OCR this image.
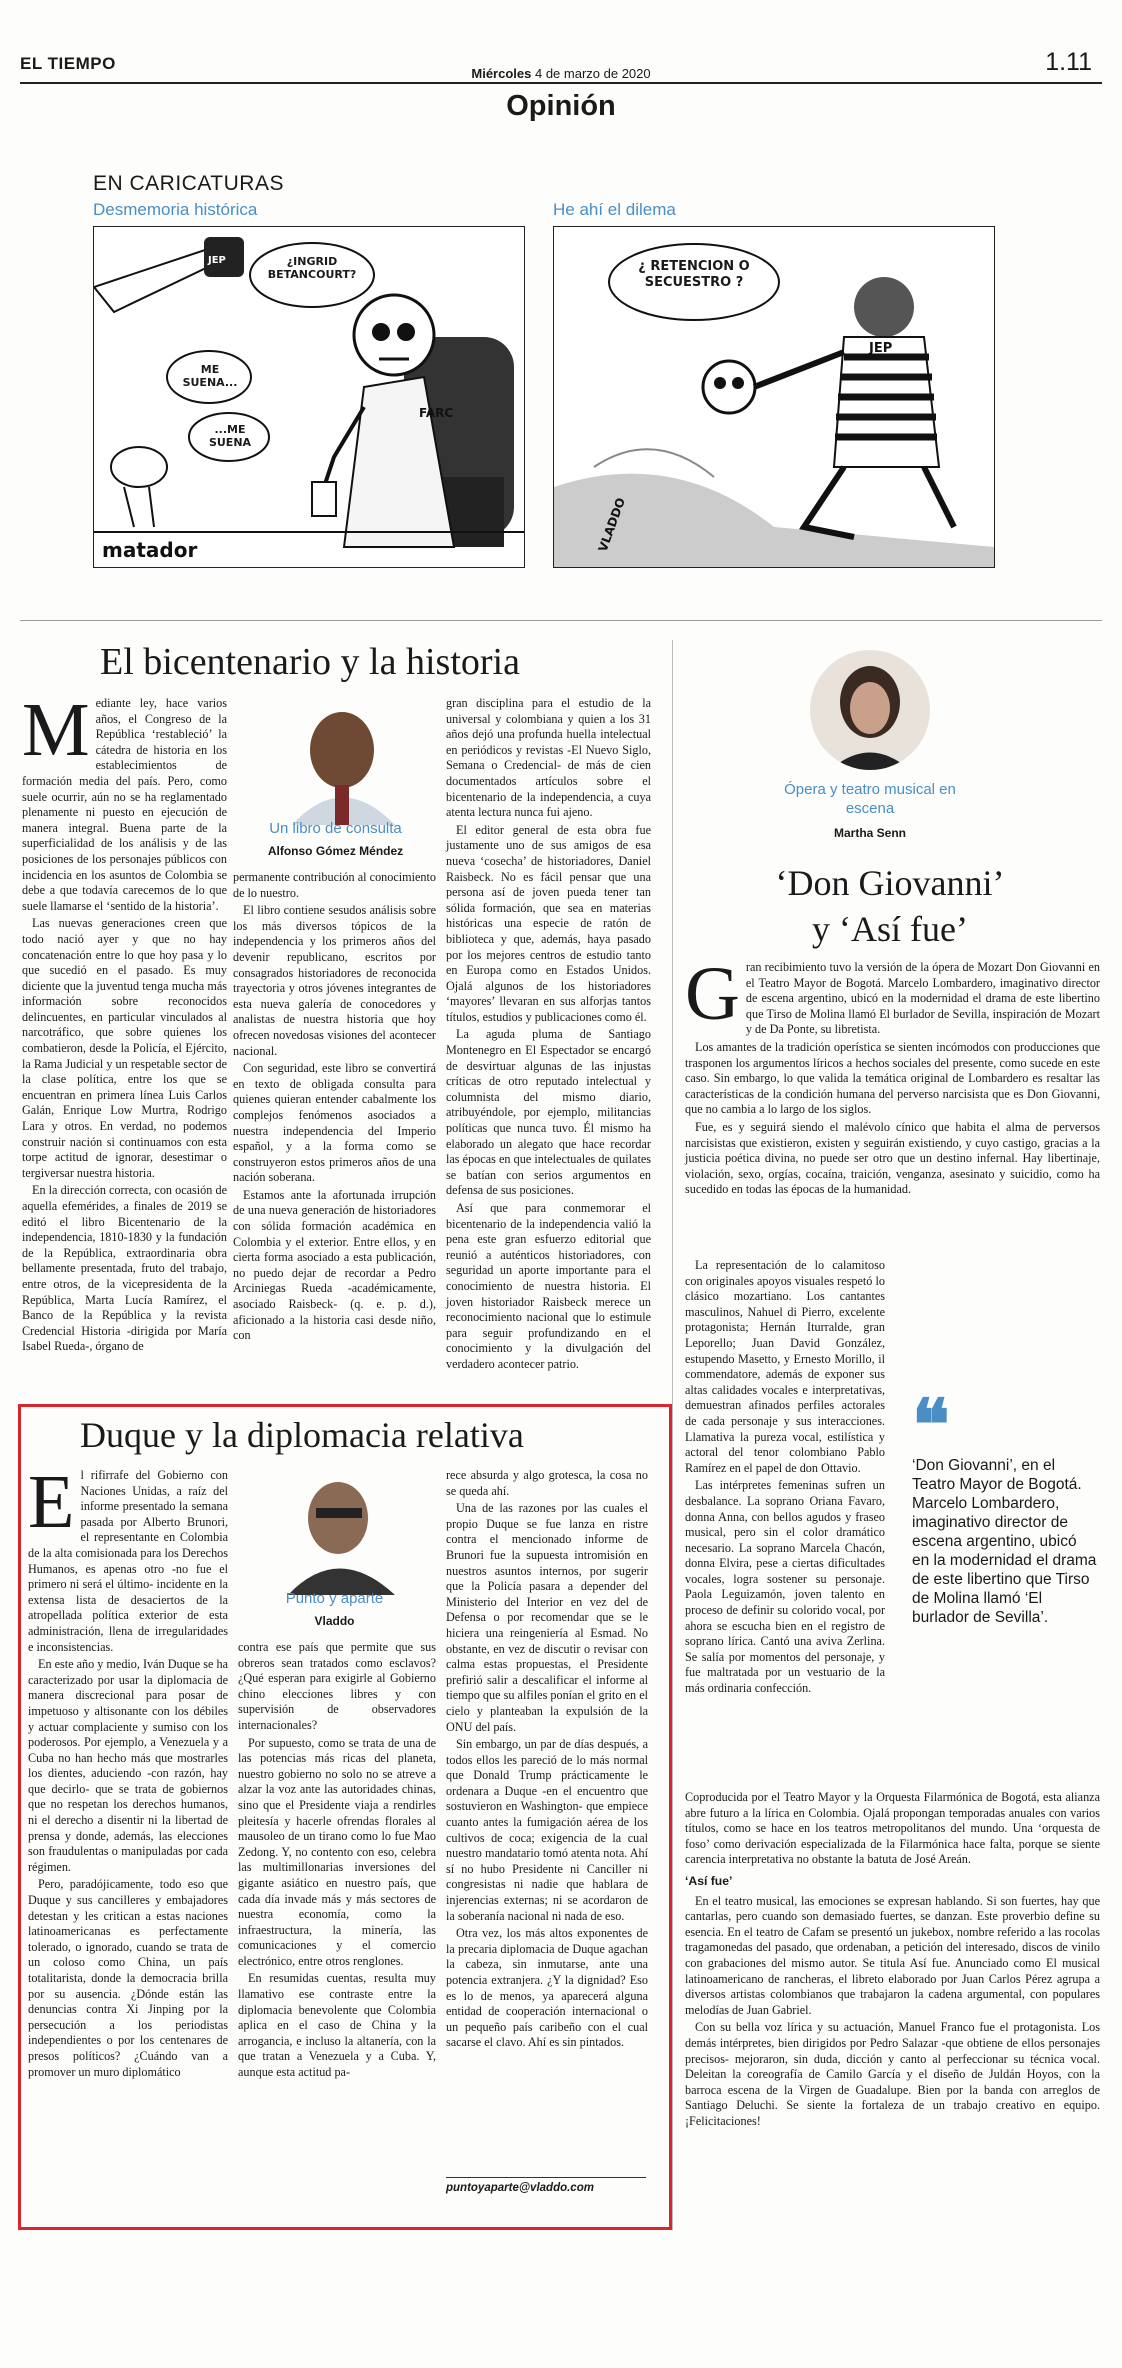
EL TIEMPO
Miércoles 4 de marzo de 2020	1.11
Opinión
EN CARICATURAS
Desmemoria histórica	He ahí el dilema
FARC
JEP	¿INGRID BETANCOURT?
ME SUENA...
...ME SUENA
matador
¿ RETENCIÓN O SECUESTRO ?
JEP
VLADDO
El bicentenario y la historia

Mediante ley, hace varios años, el Congreso de la República ‘restableció’ la cátedra de historia en los establecimientos de formación media del país. Pero, como suele ocurrir, aún no se ha reglamentado plenamente ni puesto en ejecución de manera integral. Buena parte de la superficialidad de los análisis y de las posiciones de los personajes públicos con incidencia en los asuntos de Colombia se debe a que todavía carecemos de lo que suele llamarse el ‘sentido de la historia’.

Las nuevas generaciones creen que todo nació ayer y que no hay concatenación entre lo que hoy pasa y lo que sucedió en el pasado. Es muy diciente que la juventud tenga mucha más información sobre reconocidos delincuentes, en particular vinculados al narcotráfico, que sobre quienes los combatieron, desde la Policía, el Ejército, la Rama Judicial y un respetable sector de la clase política, entre los que se encuentran en primera línea Luis Carlos Galán, Enrique Low Murtra, Rodrigo Lara y otros. En verdad, no podemos construir nación si continuamos con esta torpe actitud de ignorar, desestimar o tergiversar nuestra historia.

En la dirección correcta, con ocasión de aquella efemérides, a finales de 2019 se editó el libro Bicentenario de la independencia, 1810-1830 y la fundación de la República, extraordinaria obra bellamente presentada, fruto del trabajo, entre otros, de la vicepresidenta de la República, Marta Lucía Ramírez, el Banco de la República y la revista Credencial Historia -dirigida por María Isabel Rueda-, órgano de

Un libro de consulta
Alfonso Gómez Méndez

permanente contribución al conocimiento de lo nuestro.

El libro contiene sesudos análisis sobre los más diversos tópicos de la independencia y los primeros años del devenir republicano, escritos por consagrados historiadores de reconocida trayectoria y otros jóvenes integrantes de esta nueva galería de conocedores y analistas de nuestra historia que hoy ofrecen novedosas visiones del acontecer nacional.

Con seguridad, este libro se convertirá en texto de obligada consulta para quienes quieran entender cabalmente los complejos fenómenos asociados a nuestra independencia del Imperio español, y a la forma como se construyeron estos primeros años de una nación soberana.

Estamos ante la afortunada irrupción de una nueva generación de historiadores con sólida formación académica en Colombia y el exterior. Entre ellos, y en cierta forma asociado a esta publicación, no puedo dejar de recordar a Pedro Arciniegas Rueda -académicamente, asociado Raisbeck- (q. e. p. d.), aficionado a la historia casi desde niño, con

gran disciplina para el estudio de la universal y colombiana y quien a los 31 años dejó una profunda huella intelectual en periódicos y revistas -El Nuevo Siglo, Semana o Credencial- de más de cien documentados artículos sobre el bicentenario de la independencia, a cuya atenta lectura nunca fui ajeno.

El editor general de esta obra fue justamente uno de sus amigos de esa nueva ‘cosecha’ de historiadores, Daniel Raisbeck. No es fácil pensar que una persona así de joven pueda tener tan sólida formación, que sea en materias históricas una especie de ratón de biblioteca y que, además, haya pasado por los mejores centros de estudio tanto en Europa como en Estados Unidos. Ojalá algunos de los historiadores ‘mayores’ llevaran en sus alforjas tantos títulos, estudios y publicaciones como él.

La aguda pluma de Santiago Montenegro en El Espectador se encargó de desvirtuar algunas de las injustas críticas de otro reputado intelectual y columnista del mismo diario, atribuyéndole, por ejemplo, militancias políticas que nunca tuvo. Él mismo ha elaborado un alegato que hace recordar las épocas en que intelectuales de quilates se batían con serios argumentos en defensa de sus posiciones.

Así que para conmemorar el bicentenario de la independencia valió la pena este gran esfuerzo editorial que reunió a auténticos historiadores, con seguridad un aporte importante para el conocimiento de nuestra historia. El joven historiador Raisbeck merece un reconocimiento nacional que lo estimule para seguir profundizando en el conocimiento y la divulgación del verdadero acontecer patrio.

Duque y la diplomacia relativa

El rifirrafe del Gobierno con Naciones Unidas, a raíz del informe presentado la semana pasada por Alberto Brunori, el representante en Colombia de la alta comisionada para los Derechos Humanos, es apenas otro -no fue el primero ni será el último- incidente en la extensa lista de desaciertos de la atropellada política exterior de esta administración, llena de irregularidades e inconsistencias.

En este año y medio, Iván Duque se ha caracterizado por usar la diplomacia de manera discrecional para posar de impetuoso y altisonante con los débiles y actuar complaciente y sumiso con los poderosos. Por ejemplo, a Venezuela y a Cuba no han hecho más que mostrarles los dientes, aduciendo -con razón, hay que decirlo- que se trata de gobiernos que no respetan los derechos humanos, ni el derecho a disentir ni la libertad de prensa y donde, además, las elecciones son fraudulentas o manipuladas por cada régimen.

Pero, paradójicamente, todo eso que Duque y sus cancilleres y embajadores detestan y les critican a estas naciones latinoamericanas es perfectamente tolerado, o ignorado, cuando se trata de un coloso como China, un país totalitarista, donde la democracia brilla por su ausencia. ¿Dónde están las denuncias contra Xi Jinping por la persecución a los periodistas independientes o por los centenares de presos políticos? ¿Cuándo van a promover un muro diplomático

Punto y aparte
Vladdo

contra ese país que permite que sus obreros sean tratados como esclavos? ¿Qué esperan para exigirle al Gobierno chino elecciones libres y con supervisión de observadores internacionales?

Por supuesto, como se trata de una de las potencias más ricas del planeta, nuestro gobierno no solo no se atreve a alzar la voz ante las autoridades chinas, sino que el Presidente viaja a rendirles pleitesía y hacerle ofrendas florales al mausoleo de un tirano como lo fue Mao Zedong. Y, no contento con eso, celebra las multimillonarias inversiones del gigante asiático en nuestro país, que cada día invade más y más sectores de nuestra economía, como la infraestructura, la minería, las comunicaciones y el comercio electrónico, entre otros renglones.

En resumidas cuentas, resulta muy llamativo ese contraste entre la diplomacia benevolente que Colombia aplica en el caso de China y la arrogancia, e incluso la altanería, con la que tratan a Venezuela y a Cuba. Y, aunque esta actitud pa-

rece absurda y algo grotesca, la cosa no se queda ahí.

Una de las razones por las cuales el propio Duque se fue lanza en ristre contra el mencionado informe de Brunori fue la supuesta intromisión en nuestros asuntos internos, por sugerir que la Policía pasara a depender del Ministerio del Interior en vez del de Defensa o por recomendar que se le hiciera una reingeniería al Esmad. No obstante, en vez de discutir o revisar con calma estas propuestas, el Presidente prefirió salir a descalificar el informe al tiempo que su alfiles ponían el grito en el cielo y planteaban la expulsión de la ONU del país.

Sin embargo, un par de días después, a todos ellos les pareció de lo más normal que Donald Trump prácticamente le ordenara a Duque -en el encuentro que sostuvieron en Washington- que empiece cuanto antes la fumigación aérea de los cultivos de coca; exigencia de la cual nuestro mandatario tomó atenta nota. Ahí sí no hubo Presidente ni Canciller ni congresistas ni nadie que hablara de injerencias externas; ni se acordaron de la soberanía nacional ni nada de eso.

Otra vez, los más altos exponentes de la precaria diplomacia de Duque agachan la cabeza, sin inmutarse, ante una potencia extranjera. ¿Y la dignidad? Eso es lo de menos, ya aparecerá alguna entidad de cooperación internacional o un pequeño país caribeño con el cual sacarse el clavo. Ahí es sin pintados.

puntoyaparte@vladdo.com
Ópera y teatro musical en escena
Martha Senn
‘Don Giovanni’
y ‘Así fue’

Gran recibimiento tuvo la versión de la ópera de Mozart Don Giovanni en el Teatro Mayor de Bogotá. Marcelo Lombardero, imaginativo director de escena argentino, ubicó en la modernidad el drama de este libertino que Tirso de Molina llamó El burlador de Sevilla, inspiración de Mozart y de Da Ponte, su libretista.

Los amantes de la tradición operística se sienten incómodos con producciones que trasponen los argumentos líricos a hechos sociales del presente, como sucede en este caso. Sin embargo, lo que valida la temática original de Lombardero es resaltar las características de la condición humana del perverso narcisista que es Don Giovanni, que no cambia a lo largo de los siglos.

Fue, es y seguirá siendo el malévolo cínico que habita el alma de perversos narcisistas que existieron, existen y seguirán existiendo, y cuyo castigo, gracias a la justicia poética divina, no puede ser otro que un destino infernal. Hay libertinaje, violación, sexo, orgías, cocaína, traición, venganza, asesinato y suicidio, como ha sucedido en todas las épocas de la humanidad.

La representación de lo calamitoso con originales apoyos visuales respetó lo clásico mozartiano. Los cantantes masculinos, Nahuel di Pierro, excelente protagonista; Hernán Iturralde, gran Leporello; Juan David González, estupendo Masetto, y Ernesto Morillo, il commendatore, además de exponer sus altas calidades vocales e interpretativas, demuestran afinados perfiles actorales de cada personaje y sus interacciones. Llamativa la pureza vocal, estilística y actoral del tenor colombiano Pablo Ramírez en el papel de don Ottavio.

Las intérpretes femeninas sufren un desbalance. La soprano Oriana Favaro, donna Anna, con bellos agudos y fraseo musical, pero sin el color dramático necesario. La soprano Marcela Chacón, donna Elvira, pese a ciertas dificultades vocales, logra sostener su personaje. Paola Leguizamón, joven talento en proceso de definir su colorido vocal, por ahora se escucha bien en el registro de soprano lírica. Cantó una aviva Zerlina. Se salía por momentos del personaje, y fue maltratada por un vestuario de la más ordinaria confección.

❝
‘Don Giovanni’, en el Teatro Mayor de Bogotá. Marcelo Lombardero, imaginativo director de escena argentino, ubicó en la modernidad el drama de este libertino que Tirso de Molina llamó ‘El burlador de Sevilla’.

Coproducida por el Teatro Mayor y la Orquesta Filarmónica de Bogotá, esta alianza abre futuro a la lírica en Colombia. Ojalá propongan temporadas anuales con varios títulos, como se hace en los teatros metropolitanos del mundo. Una ‘orquesta de foso’ como derivación especializada de la Filarmónica hace falta, porque se siente carencia interpretativa no obstante la batuta de José Areán.

‘Así fue’

En el teatro musical, las emociones se expresan hablando. Si son fuertes, hay que cantarlas, pero cuando son demasiado fuertes, se danzan. Este proverbio define su esencia. En el teatro de Cafam se presentó un jukebox, nombre referido a las rocolas tragamonedas del pasado, que ordenaban, a petición del interesado, discos de vinilo con grabaciones del mismo autor. Se titula Así fue. Anunciado como El musical latinoamericano de rancheras, el libreto elaborado por Juan Carlos Pérez agrupa a diversos artistas colombianos que trabajaron la cadena argumental, con populares melodías de Juan Gabriel.

Con su bella voz lírica y su actuación, Manuel Franco fue el protagonista. Los demás intérpretes, bien dirigidos por Pedro Salazar -que obtiene de ellos personajes precisos- mejoraron, sin duda, dicción y canto al perfeccionar su técnica vocal. Deleitan la coreografía de Camilo García y el diseño de Juldán Hoyos, con la barroca escena de la Virgen de Guadalupe. Bien por la banda con arreglos de Santiago Deluchi. Se siente la fortaleza de un trabajo creativo en equipo. ¡Felicitaciones!
